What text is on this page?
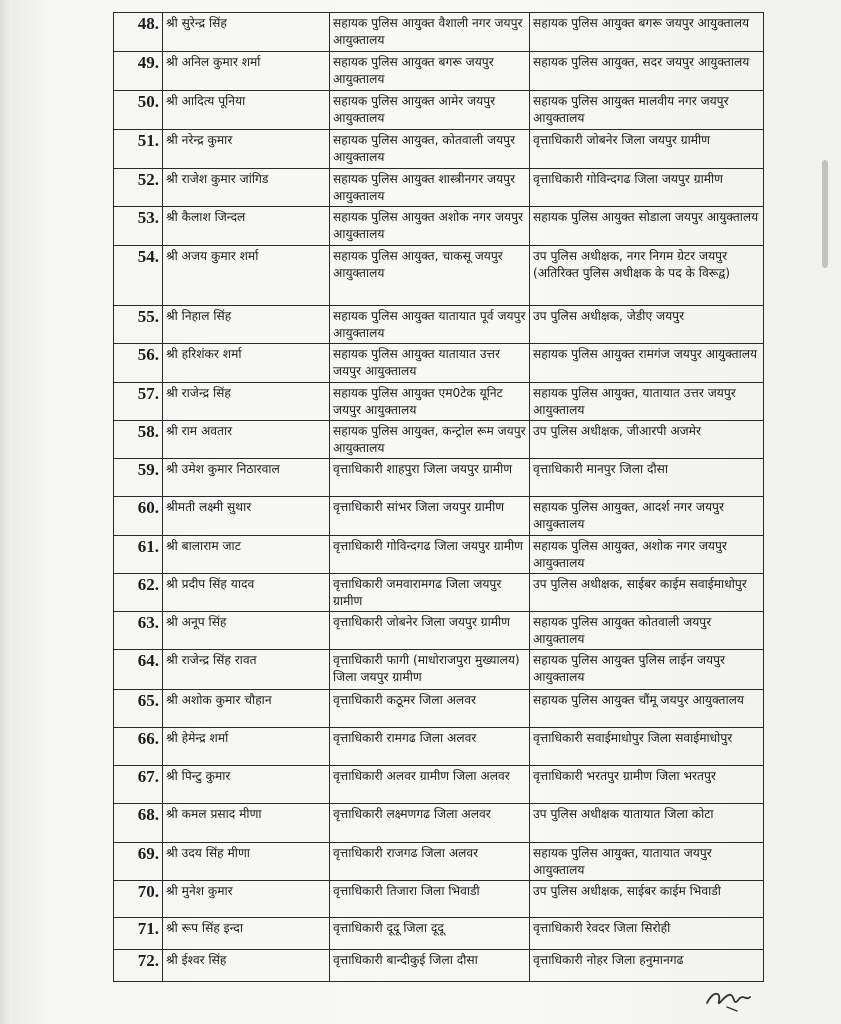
48.	श्री सुरेन्द्र सिंह	सहायक पुलिस आयुक्त वैशाली नगर जयपुर आयुक्तालय	सहायक पुलिस आयुक्त बगरू जयपुर आयुक्तालय
49.	श्री अनिल कुमार शर्मा	सहायक पुलिस आयुक्त बगरू जयपुर आयुक्तालय	सहायक पुलिस आयुक्त, सदर जयपुर आयुक्तालय
50.	श्री आदित्य पूनिया	सहायक पुलिस आयुक्त आमेर जयपुर आयुक्तालय	सहायक पुलिस आयुक्त मालवीय नगर जयपुर आयुक्तालय
51.	श्री नरेन्द्र कुमार	सहायक पुलिस आयुक्त, कोतवाली जयपुर आयुक्तालय	वृत्ताधिकारी जोबनेर जिला जयपुर ग्रामीण
52.	श्री राजेश कुमार जांगिड	सहायक पुलिस आयुक्त शास्त्रीनगर जयपुर आयुक्तालय	वृत्ताधिकारी गोविन्दगढ जिला जयपुर ग्रामीण
53.	श्री कैलाश जिन्दल	सहायक पुलिस आयुक्त अशोक नगर जयपुर आयुक्तालय	सहायक पुलिस आयुक्त सोडाला जयपुर आयुक्तालय
54.	श्री अजय कुमार शर्मा	सहायक पुलिस आयुक्त, चाकसू जयपुर आयुक्तालय	उप पुलिस अधीक्षक, नगर निगम ग्रेटर जयपुर (अतिरिक्त पुलिस अधीक्षक के पद के विरूद्व)
55.	श्री निहाल सिंह	सहायक पुलिस आयुक्त यातायात पूर्व जयपुर आयुक्तालय	उप पुलिस अधीक्षक, जेडीए जयपुर
56.	श्री हरिशंकर शर्मा	सहायक पुलिस आयुक्त यातायात उत्तर जयपुर आयुक्तालय	सहायक पुलिस आयुक्त रामगंज जयपुर आयुक्तालय
57.	श्री राजेन्द्र सिंह	सहायक पुलिस आयुक्त एम0टेक यूनिट जयपुर आयुक्तालय	सहायक पुलिस आयुक्त, यातायात उत्तर जयपुर आयुक्तालय
58.	श्री राम अवतार	सहायक पुलिस आयुक्त, कन्ट्रोल रूम जयपुर आयुक्तालय	उप पुलिस अधीक्षक, जीआरपी अजमेर
59.	श्री उमेश कुमार निठारवाल	वृत्ताधिकारी शाहपुरा जिला जयपुर ग्रामीण	वृत्ताधिकारी मानपुर जिला दौसा
60.	श्रीमती लक्ष्मी सुथार	वृत्ताधिकारी सांभर जिला जयपुर ग्रामीण	सहायक पुलिस आयुक्त, आदर्श नगर जयपुर आयुक्तालय
61.	श्री बालाराम जाट	वृत्ताधिकारी गोविन्दगढ जिला जयपुर ग्रामीण	सहायक पुलिस आयुक्त, अशोक नगर जयपुर आयुक्तालय
62.	श्री प्रदीप सिंह यादव	वृत्ताधिकारी जमवारामगढ जिला जयपुर ग्रामीण	उप पुलिस अधीक्षक, साईबर काईम सवाईमाधोपुर
63.	श्री अनूप सिंह	वृत्ताधिकारी जोबनेर जिला जयपुर ग्रामीण	सहायक पुलिस आयुक्त कोतवाली जयपुर आयुक्तालय
64.	श्री राजेन्द्र सिंह रावत	वृत्ताधिकारी फागी (माधोराजपुरा मुख्यालय) जिला जयपुर ग्रामीण	सहायक पुलिस आयुक्त पुलिस लाईन जयपुर आयुक्तालय
65.	श्री अशोक कुमार चौहान	वृत्ताधिकारी कठूमर जिला अलवर	सहायक पुलिस आयुक्त चौंमू जयपुर आयुक्तालय
66.	श्री हेमेन्द्र शर्मा	वृत्ताधिकारी रामगढ जिला अलवर	वृत्ताधिकारी सवाईमाधोपुर जिला सवाईमाधोपुर
67.	श्री पिन्टु कुमार	वृत्ताधिकारी अलवर ग्रामीण जिला अलवर	वृत्ताधिकारी भरतपुर ग्रामीण जिला भरतपुर
68.	श्री कमल प्रसाद मीणा	वृत्ताधिकारी लक्ष्मणगढ जिला अलवर	उप पुलिस अधीक्षक यातायात जिला कोटा
69.	श्री उदय सिंह मीणा	वृत्ताधिकारी राजगढ जिला अलवर	सहायक पुलिस आयुक्त, यातायात जयपुर आयुक्तालय
70.	श्री मुनेश कुमार	वृत्ताधिकारी तिजारा जिला भिवाडी	उप पुलिस अधीक्षक, साईबर काईम भिवाडी
71.	श्री रूप सिंह इन्दा	वृत्ताधिकारी दूदू जिला दूदू	वृत्ताधिकारी रेवदर जिला सिरोही
72.	श्री ईश्वर सिंह	वृत्ताधिकारी बान्दीकुई जिला दौसा	वृत्ताधिकारी नोहर जिला हनुमानगढ
